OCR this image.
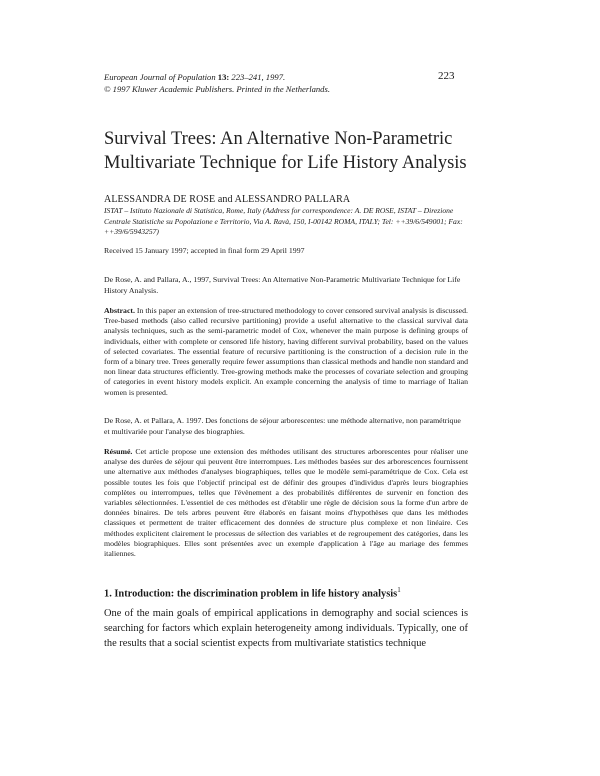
European Journal of Population 13: 223–241, 1997.
© 1997 Kluwer Academic Publishers. Printed in the Netherlands.
223
Survival Trees: An Alternative Non-Parametric Multivariate Technique for Life History Analysis
ALESSANDRA DE ROSE and ALESSANDRO PALLARA
ISTAT – Istituto Nazionale di Statistica, Rome, Italy (Address for correspondence: A. DE ROSE, ISTAT – Direzione Centrale Statistiche su Popolazione e Territorio, Via A. Ravà, 150, I-00142 ROMA, ITALY; Tel: ++39/6/549001; Fax: ++39/6/5943257)
Received 15 January 1997; accepted in final form 29 April 1997
De Rose, A. and Pallara, A., 1997, Survival Trees: An Alternative Non-Parametric Multivariate Technique for Life History Analysis.
Abstract. In this paper an extension of tree-structured methodology to cover censored survival analysis is discussed. Tree-based methods (also called recursive partitioning) provide a useful alternative to the classical survival data analysis techniques, such as the semi-parametric model of Cox, whenever the main purpose is defining groups of individuals, either with complete or censored life history, having different survival probability, based on the values of selected covariates. The essential feature of recursive partitioning is the construction of a decision rule in the form of a binary tree. Trees generally require fewer assumptions than classical methods and handle non standard and non linear data structures efficiently. Tree-growing methods make the processes of covariate selection and grouping of categories in event history models explicit. An example concerning the analysis of time to marriage of Italian women is presented.
De Rose, A. et Pallara, A. 1997. Des fonctions de séjour arborescentes: une méthode alternative, non paramétrique et multivariée pour l'analyse des biographies.
Résumé. Cet article propose une extension des méthodes utilisant des structures arborescentes pour réaliser une analyse des durées de séjour qui peuvent être interrompues. Les méthodes basées sur des arborescences fournissent une alternative aux méthodes d'analyses biographiques, telles que le modèle semi-paramétrique de Cox. Cela est possible toutes les fois que l'objectif principal est de définir des groupes d'individus d'après leurs biographies complètes ou interrompues, telles que l'évènement a des probabilités différentes de survenir en fonction des variables sélectionnées. L'essentiel de ces méthodes est d'établir une règle de décision sous la forme d'un arbre de données binaires. De tels arbres peuvent être élaborés en faisant moins d'hypothèses que dans les méthodes classiques et permettent de traiter efficacement des données de structure plus complexe et non linéaire. Ces méthodes explicitent clairement le processus de sélection des variables et de regroupement des catégories, dans les modèles biographiques. Elles sont présentées avec un exemple d'application à l'âge au mariage des femmes italiennes.
1. Introduction: the discrimination problem in life history analysis$^1$
One of the main goals of empirical applications in demography and social sciences is searching for factors which explain heterogeneity among individuals. Typically, one of the results that a social scientist expects from multivariate statistics technique
